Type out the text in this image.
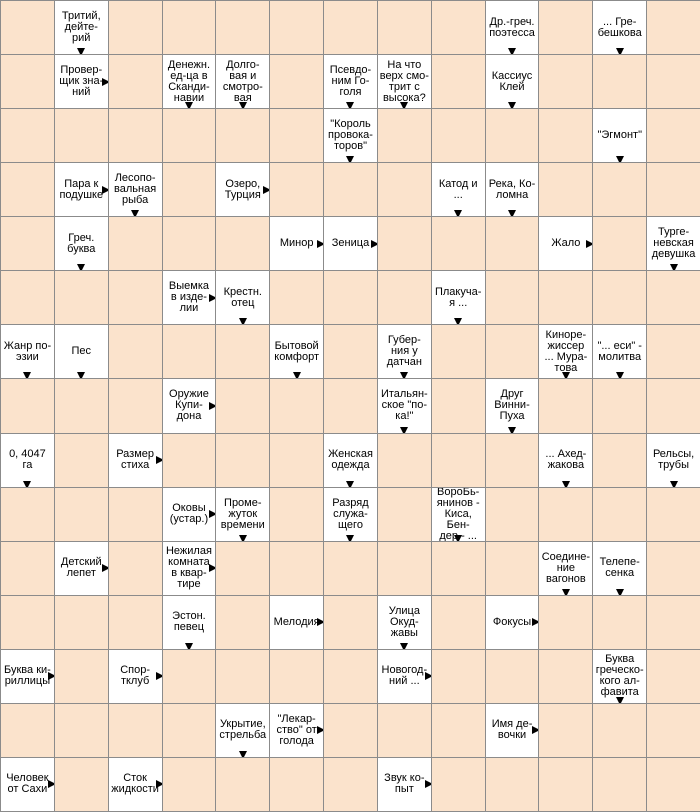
Тритий,
дейте-
рий
Др.-греч.
поэтесса
... Гре-
бешкова
Провер-
щик зна-
ний
Денежн.
ед-ца в
Сканди-
навии
Долго-
вая и
смотро-
вая
Псевдо-
ним Го-
голя
На что
верх смо-
трит с
высока?
Кассиус
Клей
"Король
провока-
торов"
"Эгмонт"
Пара к
подушке
Лесопо-
вальная
рыба
Озеро,
Турция
Катод и
...
Река, Ко-
ломна
Греч.
буква	Минор Зеница	Жало
Турге-
невская
девушка
Выемка
в изде-
лии
Крестн.
отец
Плакуча-
я ...
Жанр по-
эзии	Пес	Бытовой
комфорт
Губер-
ния у
датчан
Киноре-
жиссер
... Мура-
това
"... еси" -
молитва
Оружие
Купи-
дона
Итальян-
ское "по-
ка!"
Друг
Винни-
Пуха
0, 4047
га
Размер
стиха
Женская
одежда
... Ахед-
жакова
Рельсы,
трубы
Оковы
(устар.)
Проме-
жуток
времени
Разряд
служа-
щего
ВороБь-
янинов -
Киса, Бен-
дер - ...
Детский
лепет
Нежилая
комната
в квар-
тире
Соедине-
ние
вагонов
Телепе-
сенка
Эстон.
певец	Мелодия
Улица
Окуд-
жавы
Фокусы
Буква ки-
риллицы
Спор-
тклуб
Новогод-
ний ...
Буква
греческо-
кого ал-
фавита
Укрытие,
стрельба
"Лекар-
ство" от
голода
Имя де-
вочки
Человек
от Сахи
Сток
жидкости
Звук ко-
пыт
